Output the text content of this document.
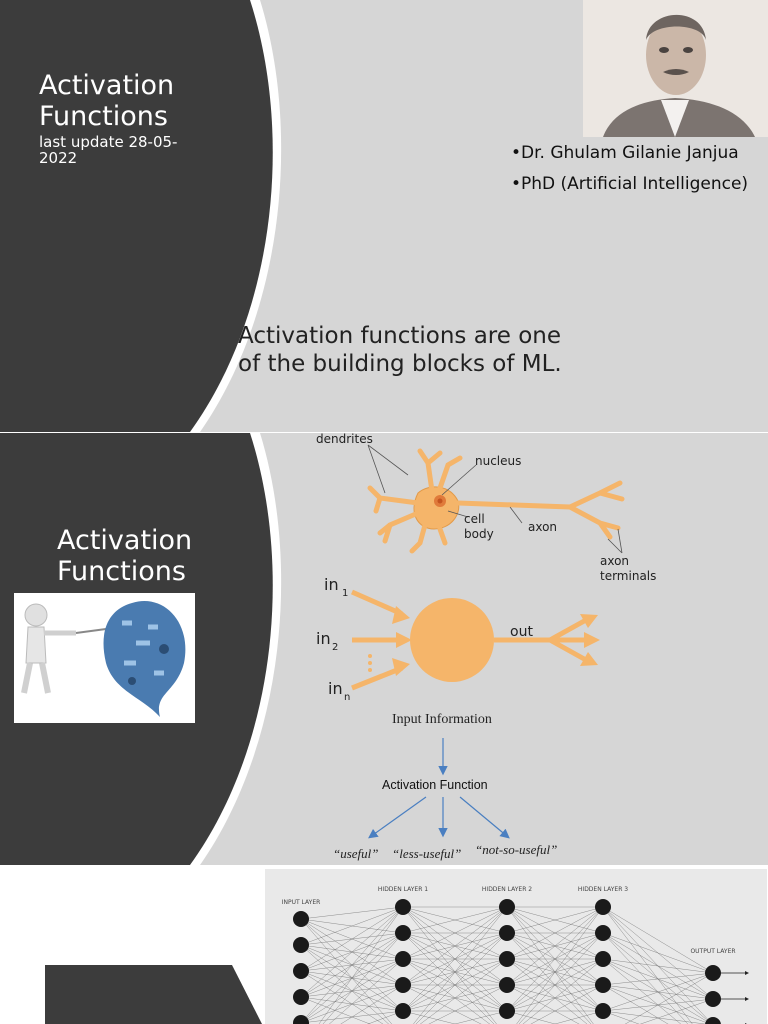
Activation
Functions
last update 28-05-
2022	•Dr. Ghulam Gilanie Janjua
•PhD (Artificial Intelligence)
Activation functions are one
of the building blocks of ML.
Activation
Functions
dendrites
nucleus
cell
body	axon
axon
terminals
in 1
in 2
in n
out
Input Information
Activation Function
“useful” “less-useful” “not-so-useful”
INPUT LAYER
HIDDEN LAYER 1	HIDDEN LAYER 2	HIDDEN LAYER 3
OUTPUT LAYER
